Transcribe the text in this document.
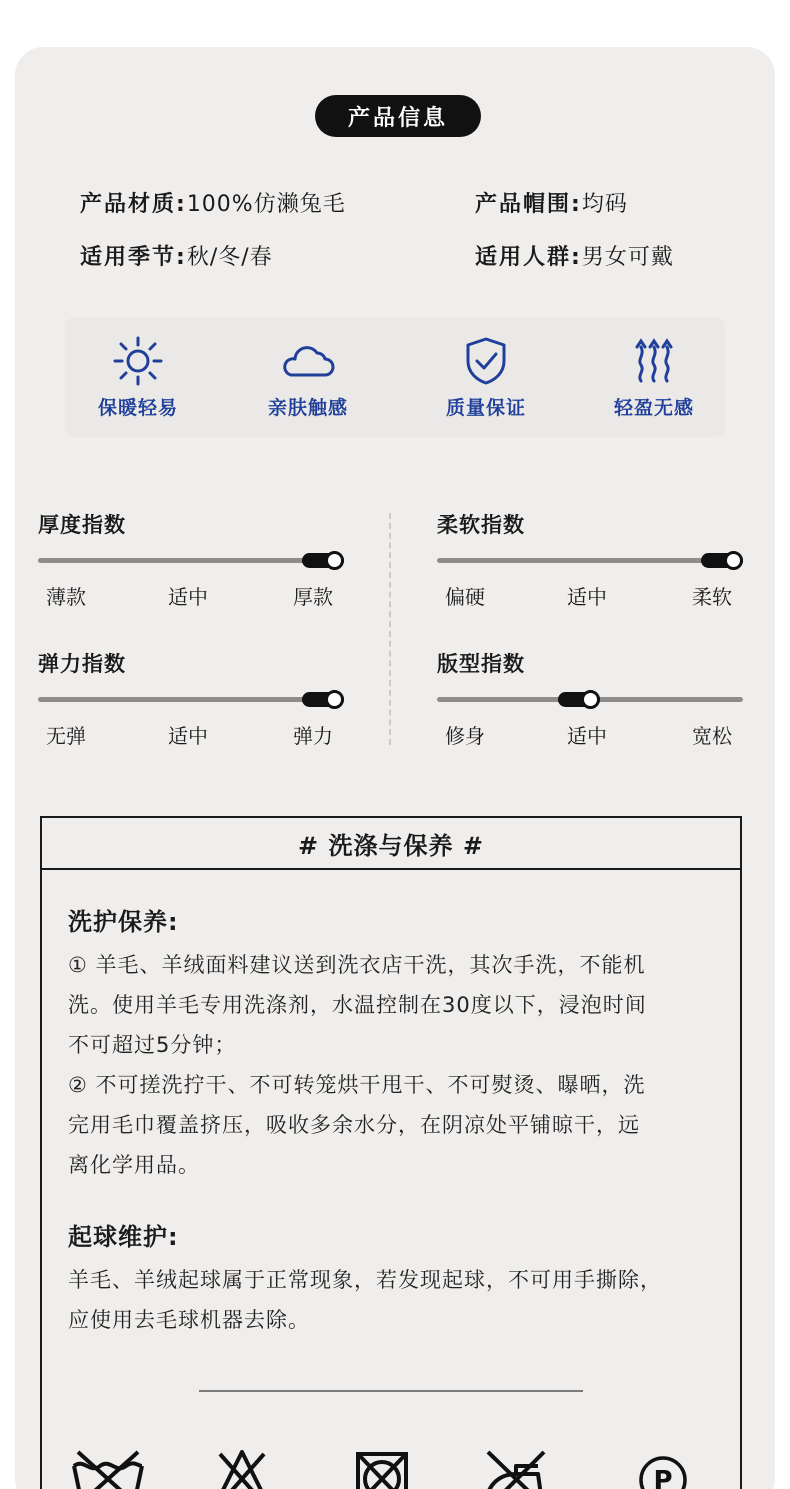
产品信息
产品材质:100%仿濑兔毛	产品帽围:均码
适用季节:秋/冬/春	适用人群:男女可戴
保暖轻易	亲肤触感	质量保证	轻盈无感
厚度指数
薄款	适中	厚款
柔软指数
偏硬	适中	柔软
弹力指数
无弹	适中	弹力
版型指数
修身	适中	宽松
# 洗涤与保养 #
洗护保养:
① 羊毛、羊绒面料建议送到洗衣店干洗，其次手洗，不能机
洗。使用羊毛专用洗涤剂，水温控制在30度以下，浸泡时间
不可超过5分钟；
② 不可搓洗拧干、不可转笼烘干甩干、不可熨烫、曝晒，洗
完用毛巾覆盖挤压，吸收多余水分，在阴凉处平铺晾干，远
离化学用品。
起球维护:
羊毛、羊绒起球属于正常现象，若发现起球，不可用手撕除，
应使用去毛球机器去除。
P
